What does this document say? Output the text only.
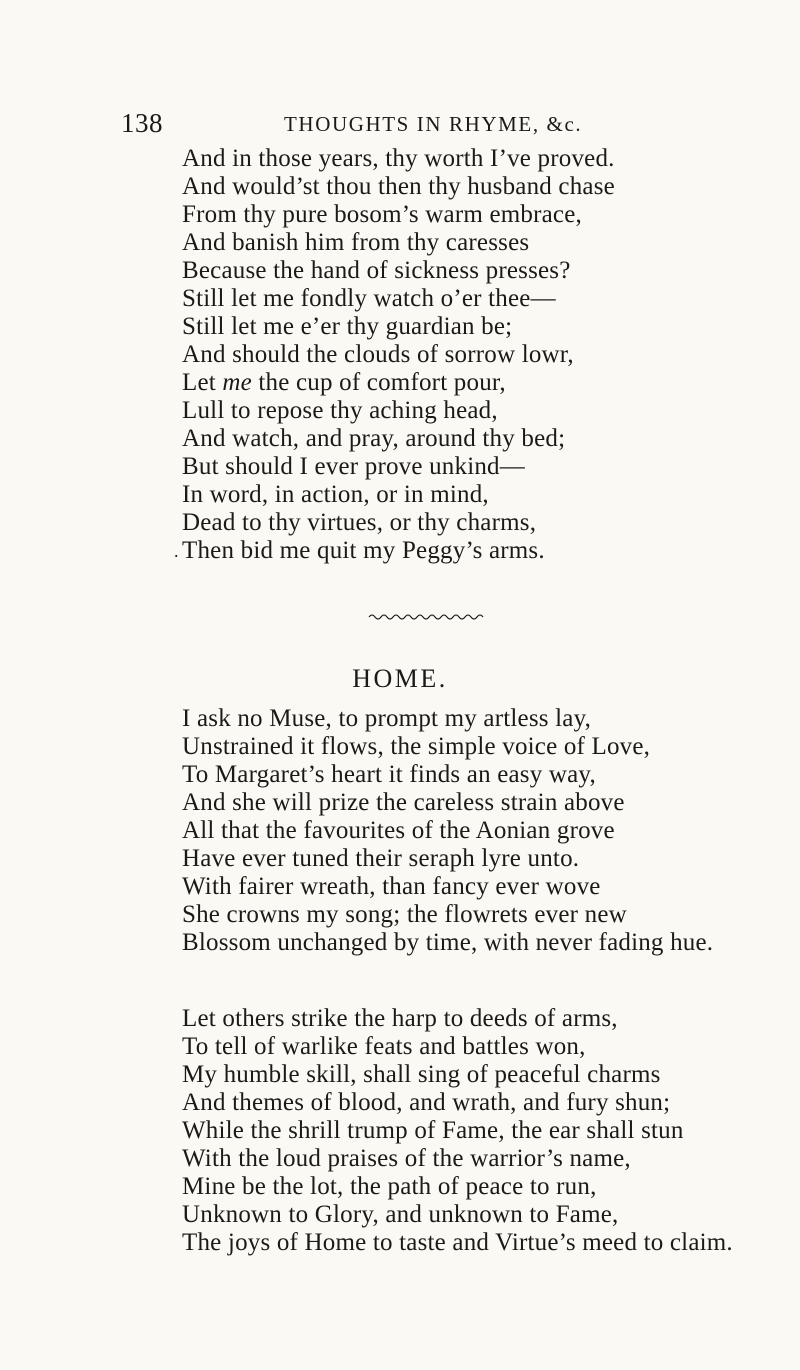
138	THOUGHTS IN RHYME, &c.
And in those years, thy worth I’ve proved.
And would’st thou then thy husband chase
From thy pure bosom’s warm embrace,
And banish him from thy caresses
Because the hand of sickness presses?
Still let me fondly watch o’er thee—
Still let me e’er thy guardian be;
And should the clouds of sorrow lowr,
Let me the cup of comfort pour,
Lull to repose thy aching head,
And watch, and pray, around thy bed;
But should I ever prove unkind—
In word, in action, or in mind,
Dead to thy virtues, or thy charms,
. Then bid me quit my Peggy’s arms.
HOME.
I ask no Muse, to prompt my artless lay,
Unstrained it flows, the simple voice of Love,
To Margaret’s heart it finds an easy way,
And she will prize the careless strain above
All that the favourites of the Aonian grove
Have ever tuned their seraph lyre unto.
With fairer wreath, than fancy ever wove
She crowns my song; the flowrets ever new
Blossom unchanged by time, with never fading hue.
Let others strike the harp to deeds of arms,
To tell of warlike feats and battles won,
My humble skill, shall sing of peaceful charms
And themes of blood, and wrath, and fury shun;
While the shrill trump of Fame, the ear shall stun
With the loud praises of the warrior’s name,
Mine be the lot, the path of peace to run,
Unknown to Glory, and unknown to Fame,
The joys of Home to taste and Virtue’s meed to claim.
